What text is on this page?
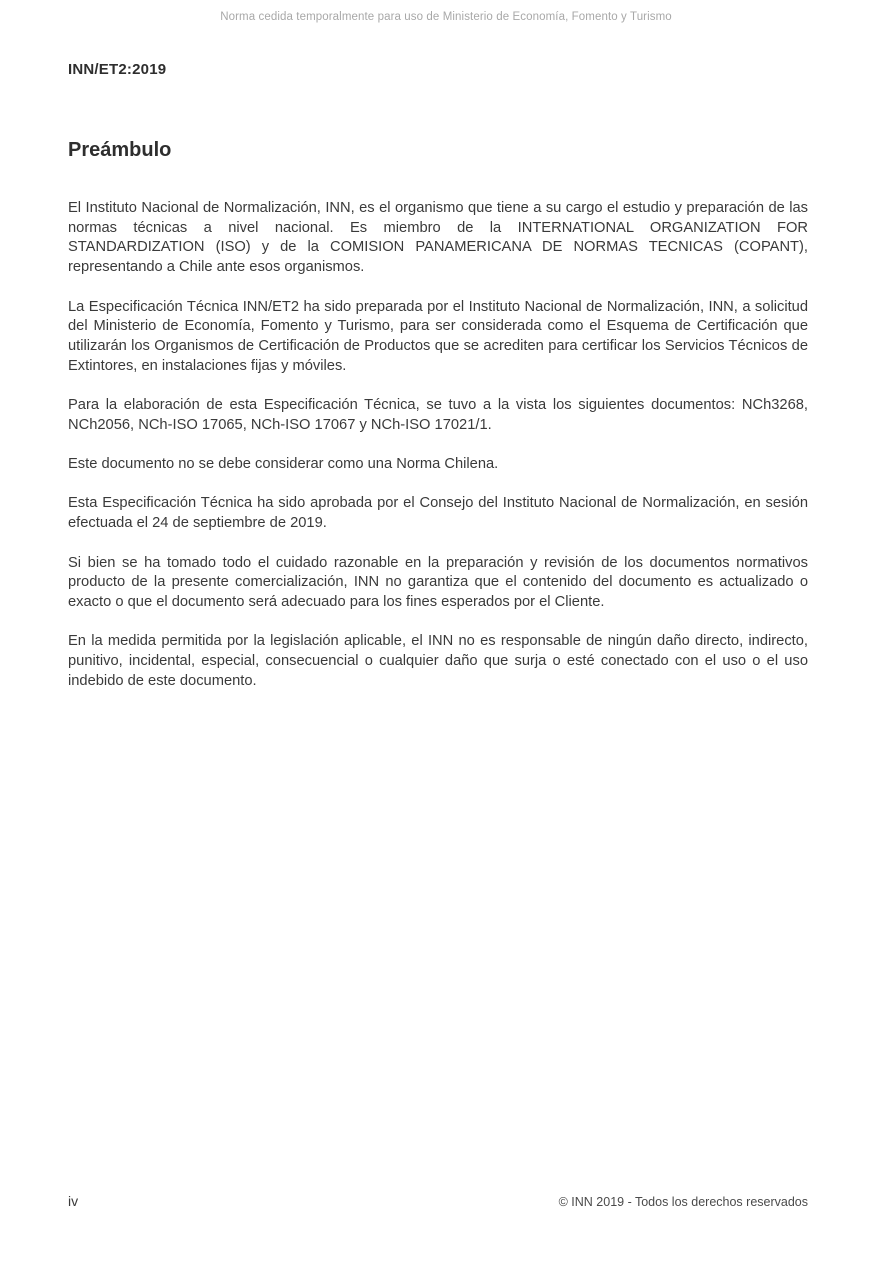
Norma cedida temporalmente para uso de Ministerio de Economía, Fomento y Turismo
INN/ET2:2019
Preámbulo

El Instituto Nacional de Normalización, INN, es el organismo que tiene a su cargo el estudio y preparación de las normas técnicas a nivel nacional. Es miembro de la INTERNATIONAL ORGANIZATION FOR STANDARDIZATION (ISO) y de la COMISION PANAMERICANA DE NORMAS TECNICAS (COPANT), representando a Chile ante esos organismos.

La Especificación Técnica INN/ET2 ha sido preparada por el Instituto Nacional de Normalización, INN, a solicitud del Ministerio de Economía, Fomento y Turismo, para ser considerada como el Esquema de Certificación que utilizarán los Organismos de Certificación de Productos que se acrediten para certificar los Servicios Técnicos de Extintores, en instalaciones fijas y móviles.

Para la elaboración de esta Especificación Técnica, se tuvo a la vista los siguientes documentos: NCh3268, NCh2056, NCh-ISO 17065, NCh-ISO 17067 y NCh-ISO 17021/1.

Este documento no se debe considerar como una Norma Chilena.

Esta Especificación Técnica ha sido aprobada por el Consejo del Instituto Nacional de Normalización, en sesión efectuada el 24 de septiembre de 2019.

Si bien se ha tomado todo el cuidado razonable en la preparación y revisión de los documentos normativos producto de la presente comercialización, INN no garantiza que el contenido del documento es actualizado o exacto o que el documento será adecuado para los fines esperados por el Cliente.

En la medida permitida por la legislación aplicable, el INN no es responsable de ningún daño directo, indirecto, punitivo, incidental, especial, consecuencial o cualquier daño que surja o esté conectado con el uso o el uso indebido de este documento.

iv	© INN 2019 - Todos los derechos reservados
